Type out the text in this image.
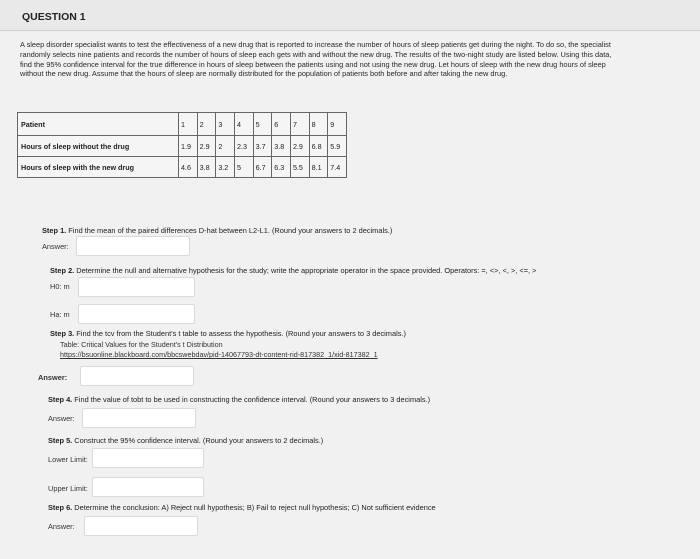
QUESTION 1
A sleep disorder specialist wants to test the effectiveness of a new drug that is reported to increase the number of hours of sleep patients get during the night. To do so, the specialist randomly selects nine patients and records the number of hours of sleep each gets with and without the new drug. The results of the two-night study are listed below. Using this data, find the 95% confidence interval for the true difference in hours of sleep between the patients using and not using the new drug. Let hours of sleep with the new drug hours of sleep without the new drug. Assume that the hours of sleep are normally distributed for the population of patients both before and after taking the new drug.
Patient	1	2	3	4	5	6	7	8	9
Hours of sleep without the drug	1.9	2.9	2	2.3	3.7	3.8	2.9	6.8	5.9
Hours of sleep with the new drug	4.6	3.8	3.2	5	6.7	6.3	5.5	8.1	7.4
Step 1. Find the mean of the paired differences D-hat between L2-L1. (Round your answers to 2 decimals.)
Answer:
Step 2. Determine the null and alternative hypothesis for the study; write the appropriate operator in the space provided. Operators: =, <>, <, >, <=, >
H0: m
Ha: m
Step 3. Find the tcv from the Student's t table to assess the hypothesis. (Round your answers to 3 decimals.)
Table: Critical Values for the Student's t Distribution
https://bsuonline.blackboard.com/bbcswebdav/pid-14067793-dt-content-rid-817382_1/xid-817382_1
Answer:
Step 4. Find the value of tobt to be used in constructing the confidence interval. (Round your answers to 3 decimals.)
Answer:
Step 5. Construct the 95% confidence interval. (Round your answers to 2 decimals.)
Lower Limit:
Upper Limit:
Step 6. Determine the conclusion: A) Reject null hypothesis; B) Fail to reject null hypothesis; C) Not sufficient evidence
Answer:
